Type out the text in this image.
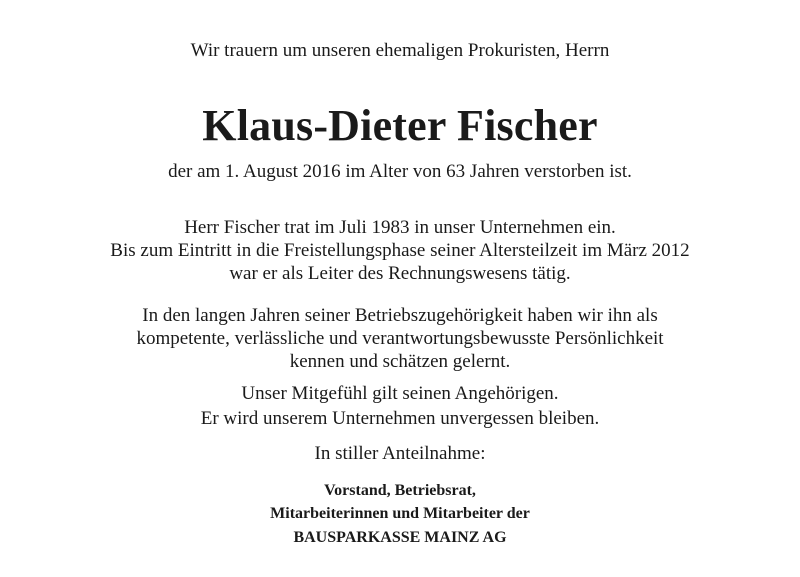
Wir trauern um unseren ehemaligen Prokuristen, Herrn
Klaus-Dieter Fischer
der am 1. August 2016 im Alter von 63 Jahren verstorben ist.
Herr Fischer trat im Juli 1983 in unser Unternehmen ein.
Bis zum Eintritt in die Freistellungsphase seiner Altersteilzeit im März 2012
war er als Leiter des Rechnungswesens tätig.
In den langen Jahren seiner Betriebszugehörigkeit haben wir ihn als
kompetente, verlässliche und verantwortungsbewusste Persönlichkeit
kennen und schätzen gelernt.
Unser Mitgefühl gilt seinen Angehörigen.
Er wird unserem Unternehmen unvergessen bleiben.
In stiller Anteilnahme:
Vorstand, Betriebsrat,
Mitarbeiterinnen und Mitarbeiter der
BAUSPARKASSE MAINZ AG
